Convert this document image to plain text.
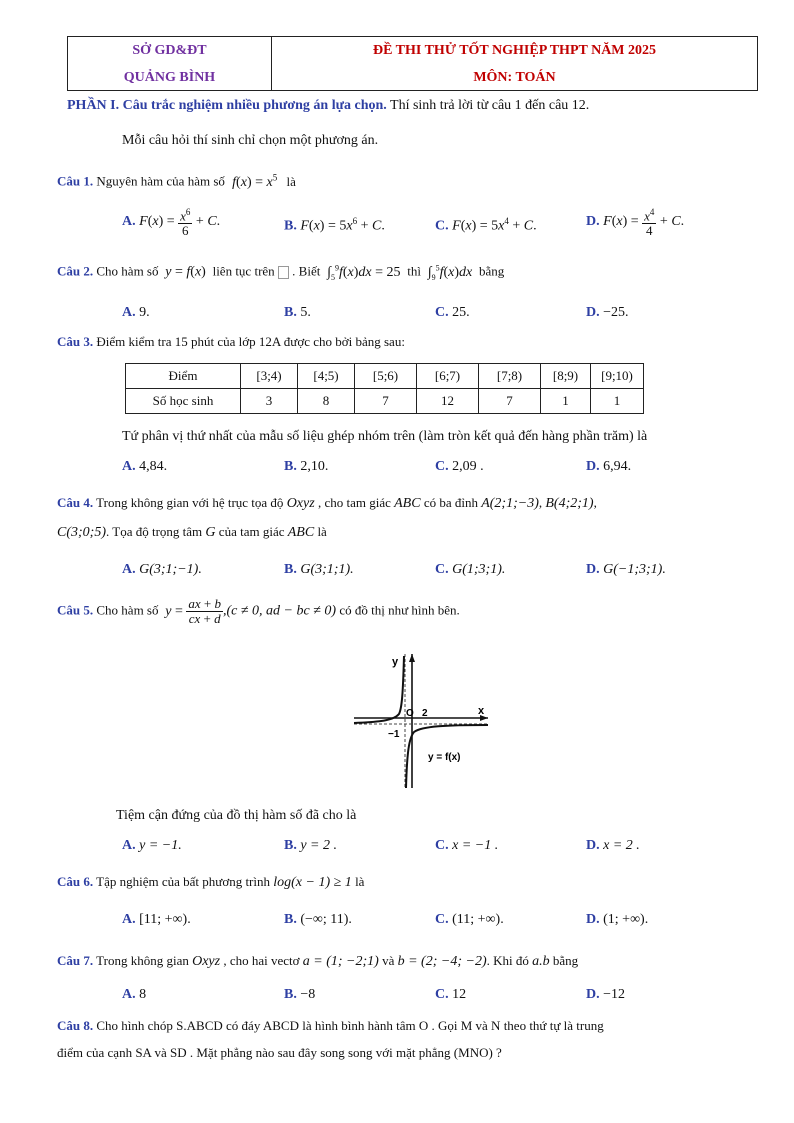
SỞ GD&ĐT
QUẢNG BÌNH
ĐỀ THI THỬ TỐT NGHIỆP THPT NĂM 2025
MÔN: TOÁN
PHẦN I. Câu trắc nghiệm nhiều phương án lựa chọn. Thí sinh trả lời từ câu 1 đến câu 12.
Mỗi câu hỏi thí sinh chỉ chọn một phương án.
Câu 1. Nguyên hàm của hàm số $f(x) = x^5$ là
A. $F(x) = \frac{x^6}{6} + C$.	B. $F(x) = 5x^6 + C$.	C. $F(x) = 5x^4 + C$.	D. $F(x) = \frac{x^4}{4} + C$.
Câu 2. Cho hàm số y = f(x)  liên tục trên . Biết  $\int_5^9f(x)dx = 25$  thì  $\int_9^5f(x)dx$ bằng
A. 9.	B. 5.	C. 25.	D. −25.
Câu 3. Điểm kiểm tra 15 phút của lớp 12A được cho bởi bảng sau:
Điểm	[3;4)	[4;5)	[5;6)	[6;7)	[7;8)	[8;9)	[9;10)
Số học sinh	3	8	7	12	7	1	1
Tứ phân vị thứ nhất của mẫu số liệu ghép nhóm trên (làm tròn kết quả đến hàng phần trăm) là
A. 4,84.	B. 2,10.	C. 2,09 .	D. 6,94.
Câu 4. Trong không gian với hệ trục tọa độ Oxyz , cho tam giác ABC có ba đỉnh A(2;1;−3), B(4;2;1),
C(3;0;5). Tọa độ trọng tâm G của tam giác ABC là
A. G(3;1;−1).	B. G(3;1;1).	C. G(1;3;1).	D. G(−1;3;1).
Câu 5. Cho hàm số $y = \frac{ax + b}{cx + d} ,(c \ne 0$, ad − bc ≠ 0) có đồ thị như hình bên.
y
x
O 2
−1
y = f(x)
Tiệm cận đứng của đồ thị hàm số đã cho là
A. y = −1.	B. y = 2 .	C. x = −1 .	D. x = 2 .
Câu 6. Tập nghiệm của bất phương trình log(x − 1) ≥ 1 là
A. [11; +∞).	B. (−∞; 11).	C. (11; +∞).	D. (1; +∞).
Câu 7. Trong không gian Oxyz , cho hai vectơ a = (1; −2;1) và b = (2; −4; −2). Khi đó a.b bằng
A. 8	B. −8	C. 12	D. −12
Câu 8. Cho hình chóp S.ABCD có đáy ABCD là hình bình hành tâm O . Gọi M và N theo thứ tự là trung
điểm của cạnh SA và SD . Mặt phẳng nào sau đây song song với mặt phẳng (MNO) ?
